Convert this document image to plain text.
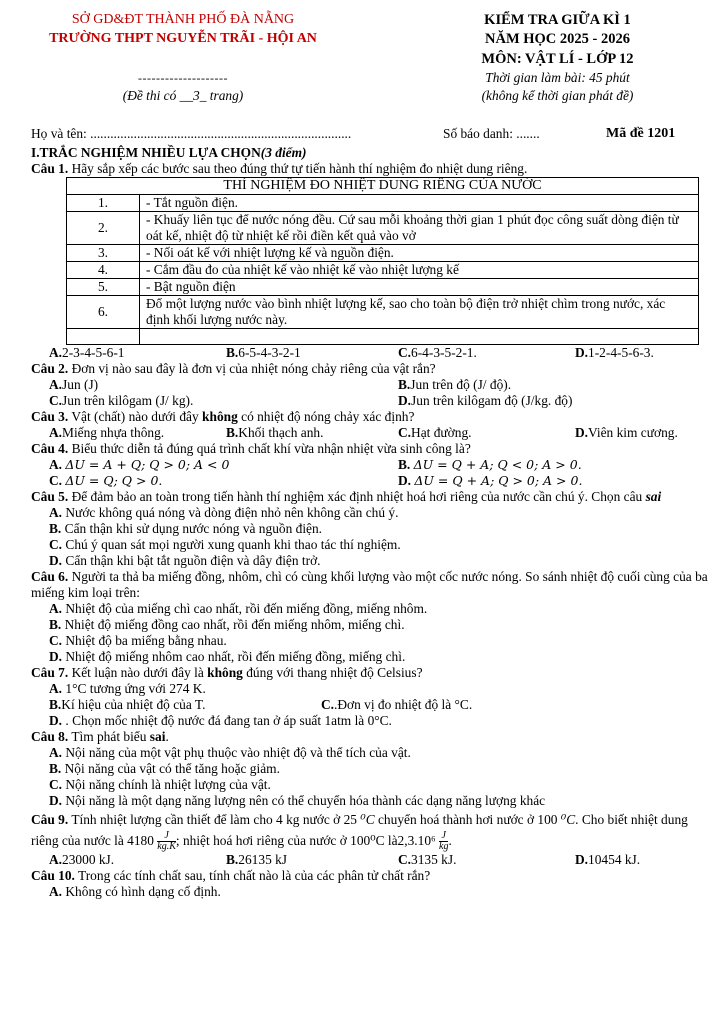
SỞ GD&ĐT THÀNH PHỐ ĐÀ NẴNG
TRƯỜNG THPT NGUYỄN TRÃI - HỘI AN
--------------------
(Đề thi có __3_ trang)
KIỂM TRA GIỮA KÌ 1
NĂM HỌC 2025 - 2026
MÔN: VẬT LÍ - LỚP 12
Thời gian làm bài: 45 phút
(không kể thời gian phát đề)
Họ và tên: ..............................................................................	Số báo danh: .......	Mã đề 1201
I.TRẮC NGHIỆM NHIỀU LỰA CHỌN(3 điểm)

Câu 1. Hãy sắp xếp các bước sau theo đúng thứ tự tiến hành thí nghiệm đo nhiệt dung riêng.

THÍ NGHIỆM ĐO NHIỆT DUNG RIÊNG CỦA NƯỚC	
1.	- Tắt nguồn điện.
2.	- Khuấy liên tục để nước nóng đều. Cứ sau mỗi khoảng thời gian 1 phút đọc công suất dòng điện từ oát kế, nhiệt độ từ nhiệt kế rồi điền kết quả vào vở
3.	- Nối oát kế với nhiệt lượng kế và nguồn điện.
4.	- Cắm đầu đo của nhiệt kế vào nhiệt kế vào nhiệt lượng kế
5.	- Bật nguồn điện
6.	Đổ một lượng nước vào bình nhiệt lượng kế, sao cho toàn bộ điện trở nhiệt chìm trong nước, xác định khối lượng nước này.

A. 2-3-4-5-6-1	B. 6-5-4-3-2-1	C. 6-4-3-5-2-1.	D. 1-2-4-5-6-3.

Câu 2. Đơn vị nào sau đây là đơn vị của nhiệt nóng chảy riêng của vật rắn?

A. Jun (J)	B. Jun trên độ (J/ độ).
C. Jun trên kilôgam (J/ kg).	D. Jun trên kilôgam độ (J/kg. độ)

Câu 3. Vật (chất) nào dưới đây không có nhiệt độ nóng chảy xác định?

A. Miếng nhựa thông.	B. Khối thạch anh.	C. Hạt đường.	D. Viên kim cương.

Câu 4. Biểu thức diễn tả đúng quá trình chất khí vừa nhận nhiệt vừa sinh công là?

A. ΔU = A + Q; Q > 0; A < 0	B. ΔU = Q + A; Q < 0; A > 0.
C. ΔU = Q; Q > 0.	D. ΔU = Q + A; Q > 0; A > 0.

Câu 5. Để đảm bảo an toàn trong tiến hành thí nghiệm xác định nhiệt hoá hơi riêng của nước cần chú ý. Chọn câu sai

A. Nước không quá nóng và dòng điện nhỏ nên không cần chú ý.
B. Cẩn thận khi sử dụng nước nóng và nguồn điện.
C. Chú ý quan sát mọi người xung quanh khi thao tác thí nghiệm.
D. Cẩn thận khi bật tắt nguồn điện và dây điện trở.

Câu 6. Người ta thả ba miếng đồng, nhôm, chì có cùng khối lượng vào một cốc nước nóng. So sánh nhiệt độ cuối cùng của ba miếng kim loại trên:

A. Nhiệt độ của miếng chì cao nhất, rồi đến miếng đồng, miếng nhôm.
B. Nhiệt độ miếng đồng cao nhất, rồi đến miếng nhôm, miếng chì.
C. Nhiệt độ ba miếng bằng nhau.
D. Nhiệt độ miếng nhôm cao nhất, rồi đến miếng đồng, miếng chì.

Câu 7. Kết luận nào dưới đây là không đúng với thang nhiệt độ Celsius?

A. 1°C tương ứng với 274 K.
B. Kí hiệu của nhiệt độ của T.	C. .Đơn vị đo nhiệt độ là °C.
D. . Chọn mốc nhiệt độ nước đá đang tan ở áp suất 1atm là 0°C.

Câu 8. Tìm phát biểu sai.

A. Nội năng của một vật phụ thuộc vào nhiệt độ và thể tích của vật.
B. Nội năng của vật có thể tăng hoặc giảm.
C. Nội năng chính là nhiệt lượng của vật.
D. Nội năng là một dạng năng lượng nên có thể chuyển hóa thành các dạng năng lượng khác

Câu 9. Tính nhiệt lượng cần thiết để làm cho 4 kg nước ở 25 ⁰C chuyển hoá thành hơi nước ở 100 ⁰C. Cho biết nhiệt dung riêng của nước là $4180 \frac{J}{kg.K}$ ; nhiệt hoá hơi riêng của nước ở 100⁰C là2,3.10⁶ $\frac{J}{kg}$ .

A. 23000 kJ.	B. 26135 kJ	C. 3135 kJ.	D. 10454 kJ.

Câu 10. Trong các tính chất sau, tính chất nào là của các phân tử chất rắn?

A. Không có hình dạng cố định.
